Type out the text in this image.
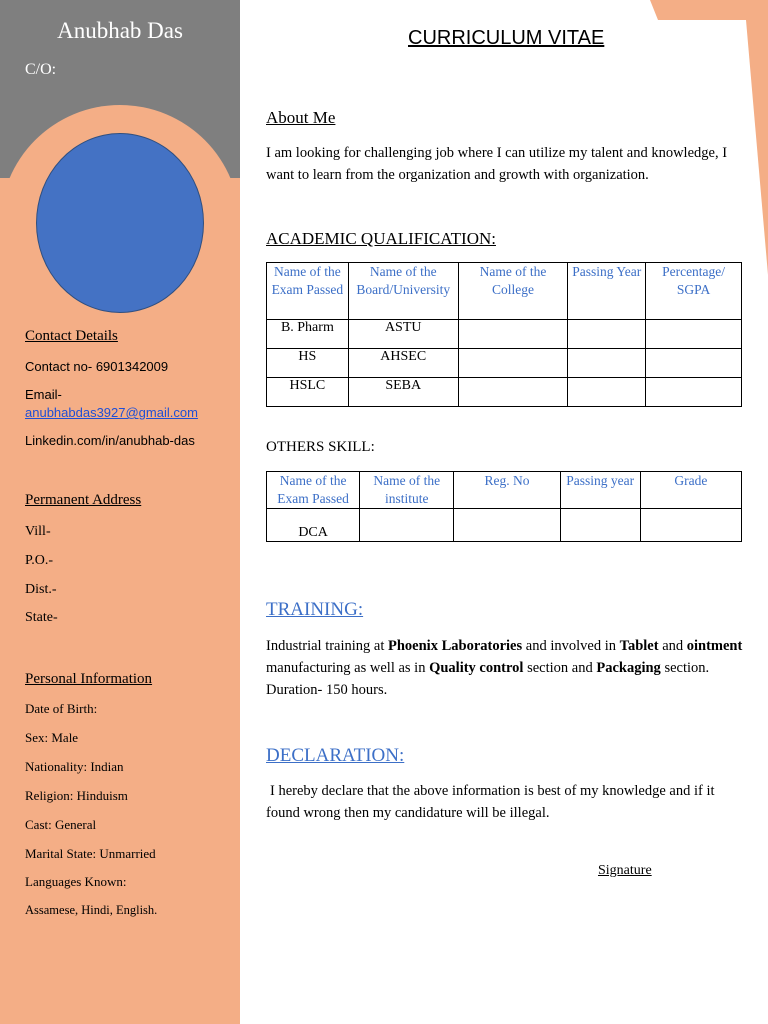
Anubhab Das
C/O:
Contact Details
Contact no- 6901342009
Email-
anubhabdas3927@gmail.com
Linkedin.com/in/anubhab-das
Permanent Address
Vill-
P.O.-
Dist.-
State-
Personal Information
Date of Birth:
Sex: Male
Nationality: Indian
Religion: Hinduism
Cast: General
Marital State: Unmarried
Languages Known:
Assamese, Hindi, English.
CURRICULUM VITAE
About Me
I am looking for challenging job where I can utilize my talent and knowledge, I want to learn from the organization and growth with organization.
ACADEMIC QUALIFICATION:
Name of the Exam Passed	Name of the Board/University	Name of the College	Passing Year	Percentage/ SGPA
B. Pharm	ASTU			
HS	AHSEC			
HSLC	SEBA			
OTHERS SKILL:
Name of the Exam Passed	Name of the institute	Reg. No	Passing year	Grade
DCA				
TRAINING:
Industrial training at Phoenix Laboratories and involved in Tablet and ointment manufacturing as well as in Quality control section and Packaging section. Duration- 150 hours.
DECLARATION:
I hereby declare that the above information is best of my knowledge and if it found wrong then my candidature will be illegal.
Signature
